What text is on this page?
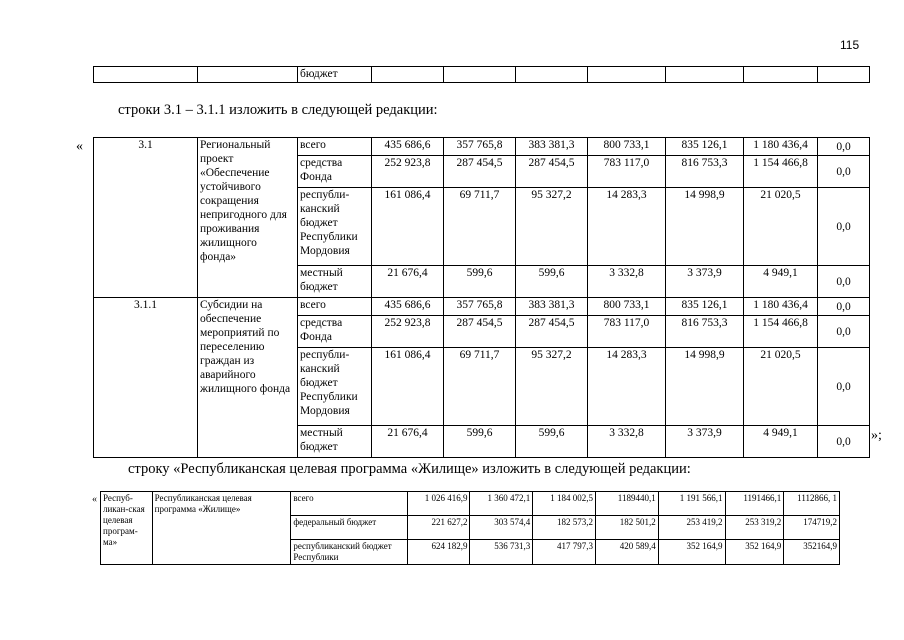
115
		бюджет							
строки 3.1 – 3.1.1 изложить в следующей редакции:
«
»;
3.1	Региональный проект «Обеспечение устойчивого сокращения непригодного для проживания жилищного фонда»	всего	435 686,6	357 765,8	383 381,3	800 733,1	835 126,1	1 180 436,4	0,0
		средства Фонда	252 923,8	287 454,5	287 454,5	783 117,0	816 753,3	1 154 466,8	0,0
		республи-канский бюджет Республики Мордовия	161 086,4	69 711,7	95 327,2	14 283,3	14 998,9	21 020,5	0,0
		местный бюджет	21 676,4	599,6	599,6	3 332,8	3 373,9	4 949,1	0,0
3.1.1	Субсидии на обеспечение мероприятий по переселению граждан из аварийного жилищного фонда	всего	435 686,6	357 765,8	383 381,3	800 733,1	835 126,1	1 180 436,4	0,0
		средства Фонда	252 923,8	287 454,5	287 454,5	783 117,0	816 753,3	1 154 466,8	0,0
		республи-канский бюджет Республики Мордовия	161 086,4	69 711,7	95 327,2	14 283,3	14 998,9	21 020,5	0,0
		местный бюджет	21 676,4	599,6	599,6	3 332,8	3 373,9	4 949,1	0,0
строку «Республиканская целевая программа «Жилище» изложить в следующей редакции:
« Респуб-ликан-ская целевая програм-ма»	Республиканская целевая программа «Жилище»	всего	1 026 416,9	1 360 472,1	1 184 002,5	1189440,1	1 191 566,1	1191466,1	1112866, 1
		федеральный бюджет	221 627,2	303 574,4	182 573,2	182 501,2	253 419,2	253 319,2	174719,2
		республиканский бюджет Республики	624 182,9	536 731,3	417 797,3	420 589,4	352 164,9	352 164,9	352164,9
